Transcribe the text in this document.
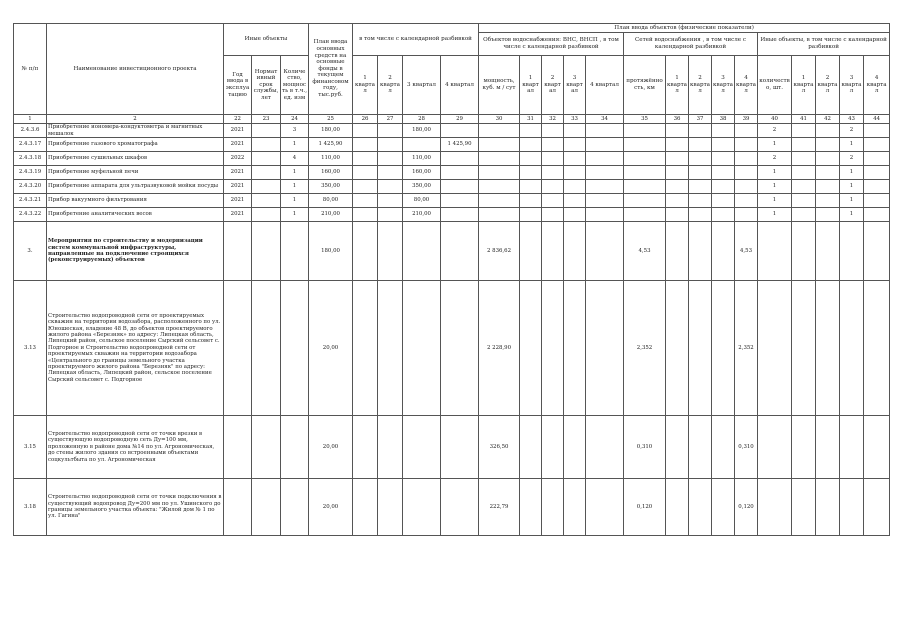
№ п/п	Наименование инвестиционного проекта	Иные объекты			План ввода основных средств на основные фонды в текущем финансовом году, тыс.руб.	в том числе с календарной разбивкой				План ввода объектов (физические показатели)														
										Объектов водоснабжения: ВНС, ВНСП , в том числе с календарной разбивкой					Сетей водоснабжения , в том числе с календарной разбивкой					Иные объекты, в том числе с календарной разбивкой				
		Год ввода в эксплуатацию	Нормативный срок службы, лет	Количество, мощность в т.ч., ед. изм		1 квартал	2 квартал	3 квартал	4 квартал	мощность, куб. м / сут	1 квартал	2 квартал	3 квартал	4 квартал	протяжённость, км	1 квартал	2 квартал	3 квартал	4 квартал	количество, шт.	1 квартал	2 квартал	3 квартал	4 квартал
1	2	22	23	24	25	26	27	28	29	30	31	32	33	34	35	36	37	38	39	40	41	42	43	44
2.4.3.6	Приобретение иономера-кондуктометра и магнитных мешалок	2021		3	180,00			180,00												2			2	
2.4.3.17	Приобретение газового хроматографа	2021		1	1 425,90				1 425,90											1			1	
2.4.3.18	Приобретение сушильных шкафов	2022		4	110,00			110,00												2			2	
2.4.3.19	Приобретение муфельной печи	2021		1	160,00			160,00												1			1	
2.4.3.20	Приобретение аппарата для ультразвуковой мойки посуды	2021		1	350,00			350,00												1			1	
2.4.3.21	Прибор вакуумного фильтрования	2021		1	80,00			80,00												1			1	
2.4.3.22	Приобретение аналитических весов	2021		1	210,00			210,00												1			1	
3.	Мероприятия по строительству и модернизации систем коммунальной инфраструктуры, направленные на подключение строящихся (реконструируемых) объектов				180,00					2 836,62					4,53				4,53					
3.13	Строительство водопроводной сети от проектируемых скважин на территории водозабора, расположенного по ул. Юношеская, владение 48 В, до объектов проектируемого жилого района «Березняк» по адресу: Липецкая область, Липецкий район, сельское поселение Сырский сельсовет с. Подгорное и Строительство водопроводной сети от проектируемых скважин на территории водозабора «Центрального до границы земельного участка проектируемого жилого района "Березняк" по адресу: Липецкая область, Липецкий район, сельское поселение Сырский сельсовет с. Подгорное				20,00					2 228,90					2,352				2,352					
3.15	Строительство водопроводной сети от точки врезки в существующую водопроводную сеть Ду=100 мм, проложенную в районе дома №14 по ул. Агрономическая, до стены жилого здания со встроенными объектами соцкультбыта по ул. Агрономическая				20,00					326,50					0,310				0,310					
3.18	Строительство водопроводной сети от точки подключения в существующий водопровод Ду=200 мм по ул. Ушинского до границы земельного участка объекта: "Жилой дом № 1 по ул. Гагина"				20,00					222,79					0,120				0,120					
